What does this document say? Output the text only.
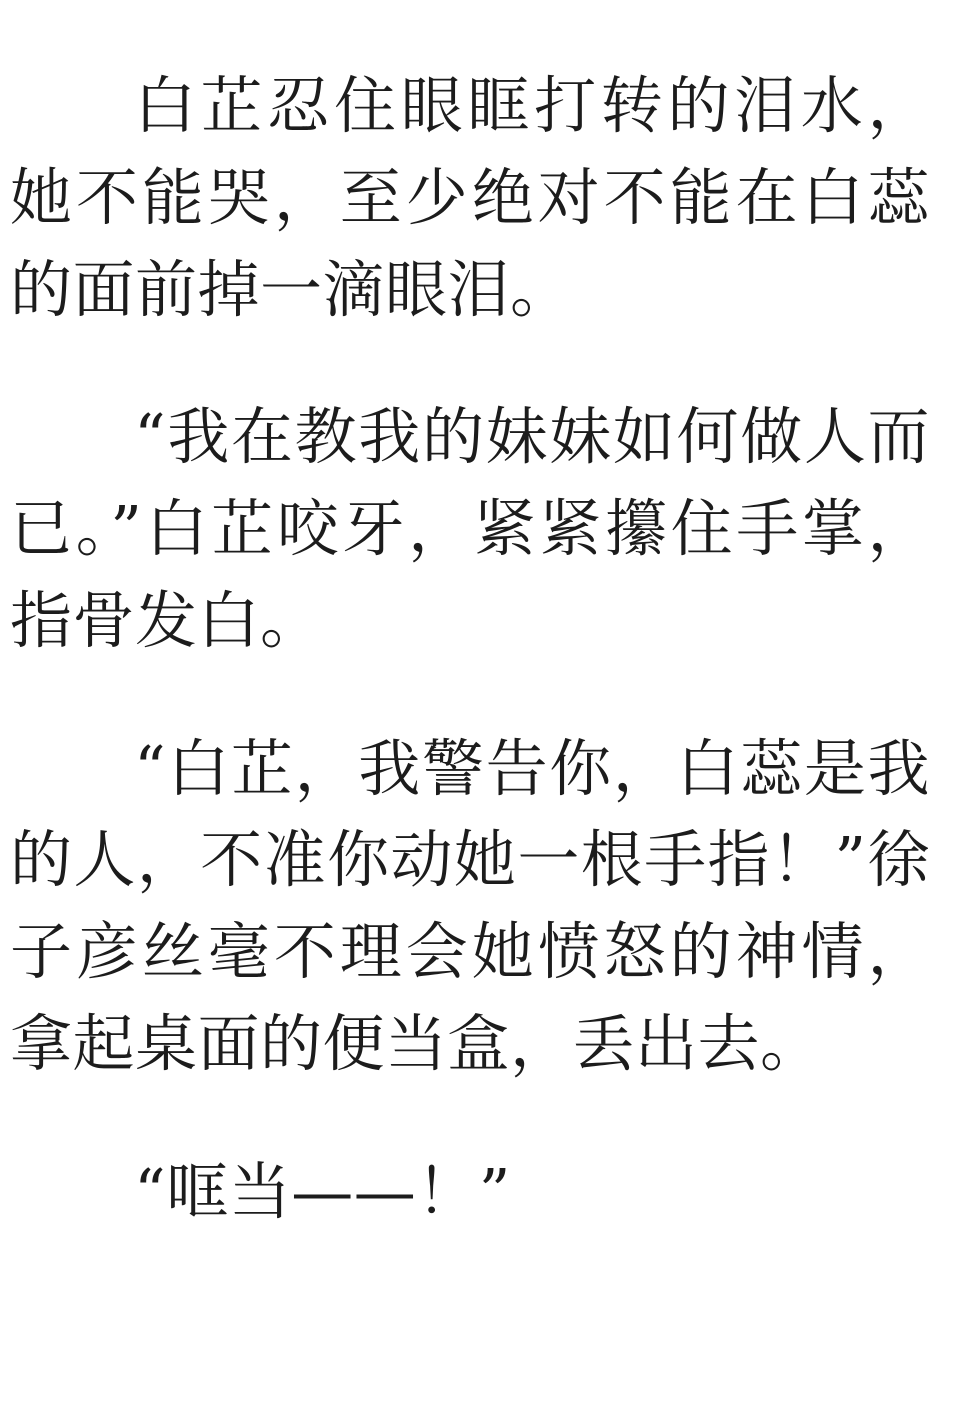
白芷忍住眼眶打转的泪水，她不能哭，至少绝对不能在白蕊的面前掉一滴眼泪。

“我在教我的妹妹如何做人而已。”白芷咬牙，紧紧攥住手掌，指骨发白。

“白芷，我警告你，白蕊是我的人，不准你动她一根手指！”徐子彦丝毫不理会她愤怒的神情，拿起桌面的便当盒，丢出去。

“哐当——！”
